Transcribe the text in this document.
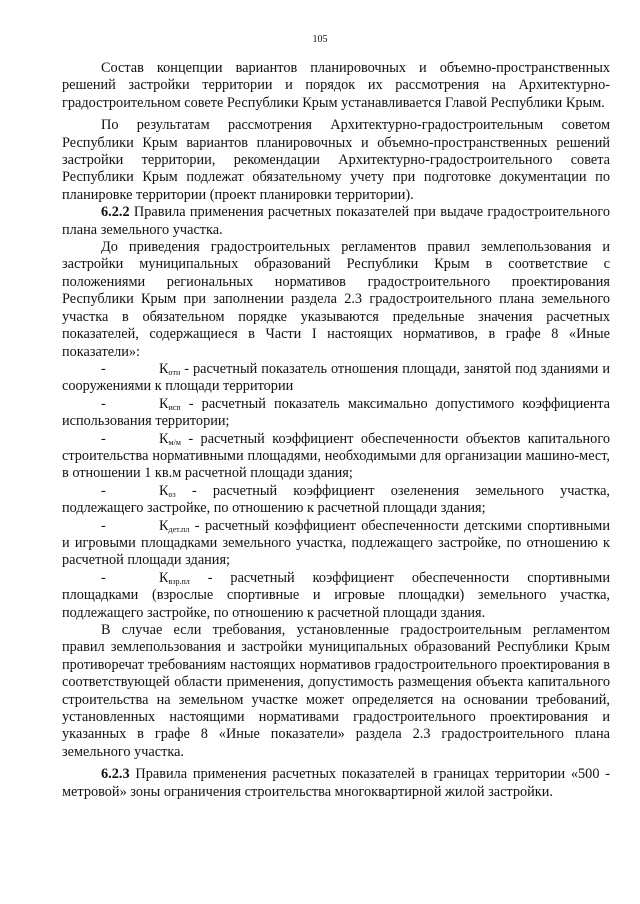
105

Состав концепции вариантов планировочных и объемно-пространственных решений застройки территории и порядок их рассмотрения на Архитектурно-градостроительном совете Республики Крым устанавливается Главой Республики Крым.

По результатам рассмотрения Архитектурно-градостроительным советом Республики Крым вариантов планировочных и объемно-пространственных решений застройки территории, рекомендации Архитектурно-градостроительного совета Республики Крым подлежат обязательному учету при подготовке документации по планировке территории (проект планировки территории).

6.2.2 Правила применения расчетных показателей при выдаче градостроительного плана земельного участка.

До приведения градостроительных регламентов правил землепользования и застройки муниципальных образований Республики Крым в соответствие с положениями региональных нормативов градостроительного проектирования Республики Крым при заполнении раздела 2.3 градостроительного плана земельного участка в обязательном порядке указываются предельные значения расчетных показателей, содержащиеся в Части I настоящих нормативов, в графе 8 «Иные показатели»:

-	$К_{отн}$ - расчетный показатель отношения площади, занятой под зданиями и сооружениями к площади территории

-	$К_{исп}$ - расчетный показатель максимально допустимого коэффициента использования территории;

-	$К_{м/м}$ - расчетный коэффициент обеспеченности объектов капитального строительства нормативными площадями, необходимыми для организации машино-мест, в отношении 1 кв.м расчетной площади здания;

-	$К_{оз}$ - расчетный коэффициент озеленения земельного участка, подлежащего застройке, по отношению к расчетной площади здания;

-	$К_{дет.пл}$ - расчетный коэффициент обеспеченности детскими спортивными и игровыми площадками земельного участка, подлежащего застройке, по отношению к расчетной площади здания;

-	$К_{взр.пл}$ - расчетный коэффициент обеспеченности спортивными площадками (взрослые спортивные и игровые площадки) земельного участка, подлежащего застройке, по отношению к расчетной площади здания.

В случае если требования, установленные градостроительным регламентом правил землепользования и застройки муниципальных образований Республики Крым противоречат требованиям настоящих нормативов градостроительного проектирования в соответствующей области применения, допустимость размещения объекта капитального строительства на земельном участке может определяется на основании требований, установленных настоящими нормативами градостроительного проектирования и указанных в графе 8 «Иные показатели» раздела 2.3 градостроительного плана земельного участка.

6.2.3 Правила применения расчетных показателей в границах территории «500 - метровой» зоны ограничения строительства многоквартирной жилой застройки.
